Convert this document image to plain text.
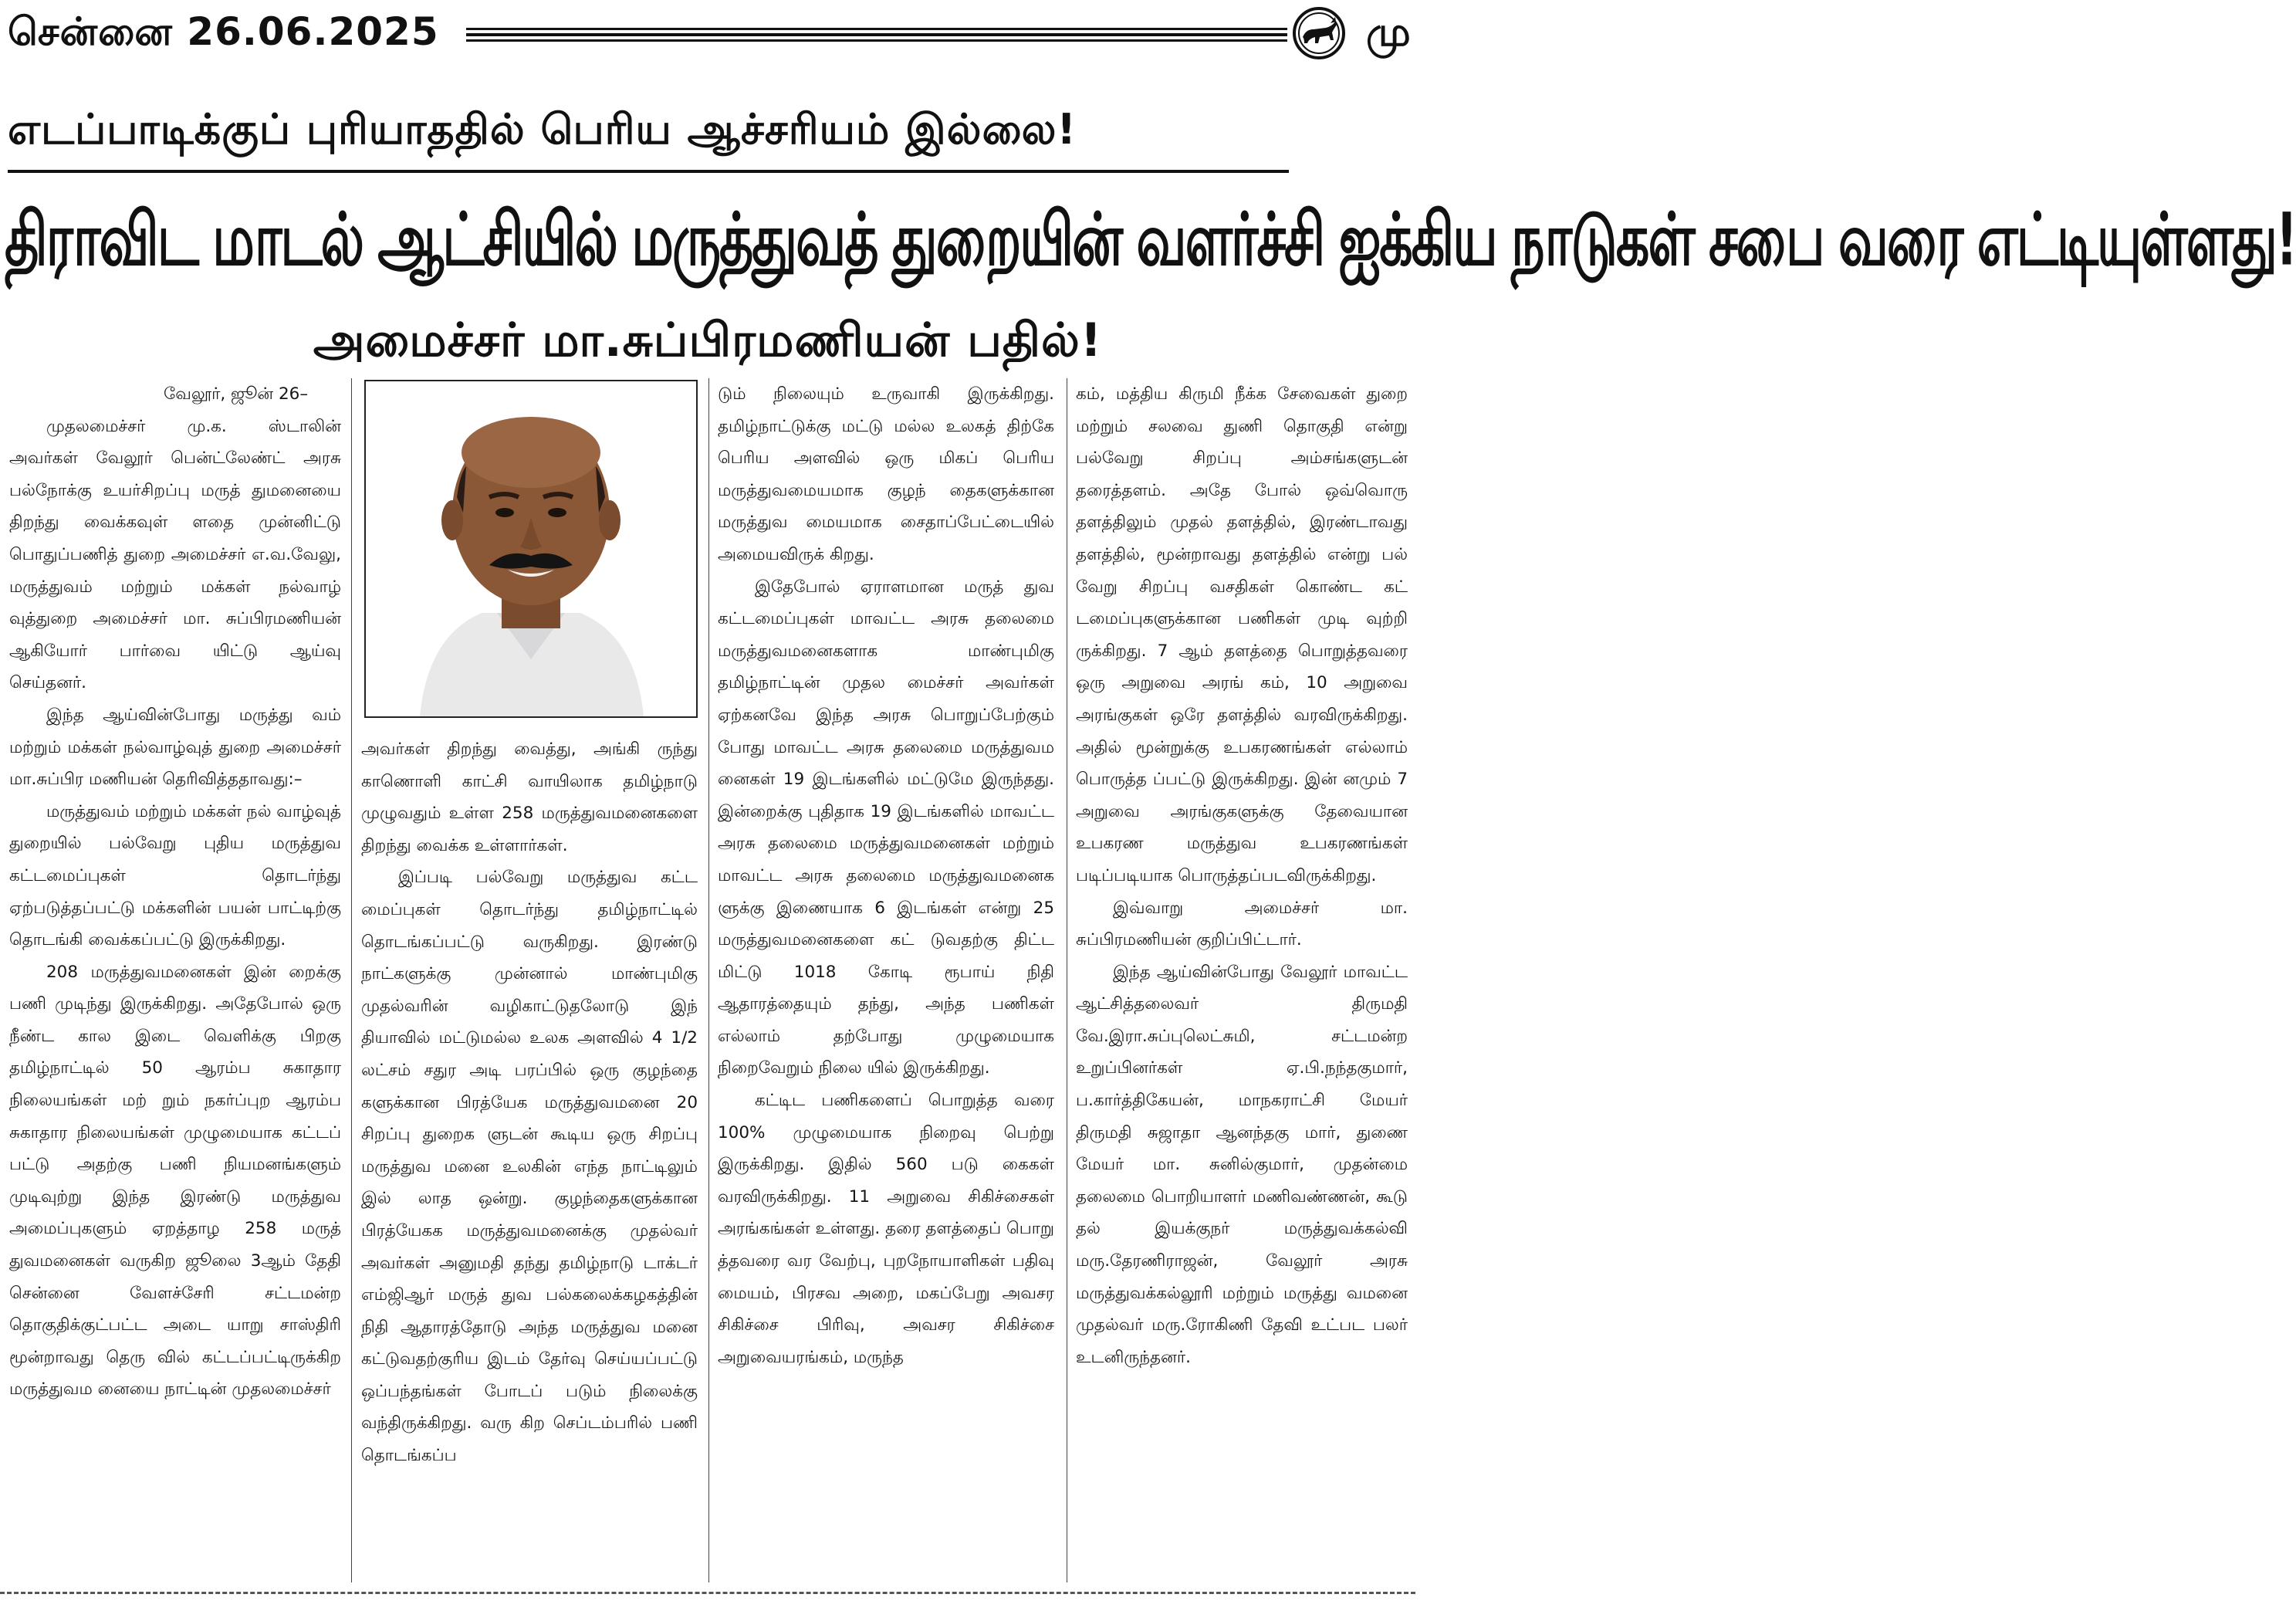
சென்னை 26.06.2025	மு
எடப்பாடிக்குப் புரியாததில் பெரிய ஆச்சரியம் இல்லை!
திராவிட மாடல் ஆட்சியில் மருத்துவத் துறையின் வளர்ச்சி ஐக்கிய நாடுகள் சபை வரை எட்டியுள்ளது!
அமைச்சர் மா.சுப்பிரமணியன் பதில்!

வேலூர், ஜூன் 26–

முதலமைச்சர் மு.க. ஸ்டாலின் அவர்கள் வேலூர் பென்ட்லேண்ட் அரசு பல்நோக்கு உயர்சிறப்பு மருத் துமனையை திறந்து வைக்கவுள் ளதை முன்னிட்டு பொதுப்பணித் துறை அமைச்சர் எ.வ.வேலு, மருத்துவம் மற்றும் மக்கள் நல்வாழ் வுத்துறை அமைச்சர் மா. சுப்பிரமணியன் ஆகியோர் பார்வை யிட்டு ஆய்வு செய்தனர்.

இந்த ஆய்வின்போது மருத்து வம் மற்றும் மக்கள் நல்வாழ்வுத் துறை அமைச்சர் மா.சுப்பிர மணியன் தெரிவித்ததாவது:–

மருத்துவம் மற்றும் மக்கள் நல் வாழ்வுத் துறையில் பல்வேறு புதிய மருத்துவ கட்டமைப்புகள் தொடர்ந்து ஏற்படுத்தப்பட்டு மக்களின் பயன் பாட்டிற்கு தொடங்கி வைக்கப்பட்டு இருக்கிறது.

208 மருத்துவமனைகள் இன் றைக்கு பணி முடிந்து இருக்கிறது. அதேபோல் ஒரு நீண்ட கால இடை வெளிக்கு பிறகு தமிழ்நாட்டில் 50 ஆரம்ப சுகாதார நிலையங்கள் மற் றும் நகர்ப்புற ஆரம்ப சுகாதார நிலையங்கள் முழுமையாக கட்டப் பட்டு அதற்கு பணி நியமனங்களும் முடிவுற்று இந்த இரண்டு மருத்துவ அமைப்புகளும் ஏறத்தாழ 258 மருத் துவமனைகள் வருகிற ஜூலை 3ஆம் தேதி சென்னை வேளச்சேரி சட்டமன்ற தொகுதிக்குட்பட்ட அடை யாறு சாஸ்திரி மூன்றாவது தெரு வில் கட்டப்பட்டிருக்கிற மருத்துவம னையை நாட்டின் முதலமைச்சர்

அவர்கள் திறந்து வைத்து, அங்கி ருந்து காணொளி காட்சி வாயிலாக தமிழ்நாடு முழுவதும் உள்ள 258 மருத்துவமனைகளை திறந்து வைக்க உள்ளார்கள்.

இப்படி பல்வேறு மருத்துவ கட்ட மைப்புகள் தொடர்ந்து தமிழ்நாட்டில் தொடங்கப்பட்டு வருகிறது. இரண்டு நாட்களுக்கு முன்னால் மாண்புமிகு முதல்வரின் வழிகாட்டுதலோடு இந் தியாவில் மட்டுமல்ல உலக அளவில் 4 1/2 லட்சம் சதுர அடி பரப்பில் ஒரு குழந்தை களுக்கான பிரத்யேக மருத்துவமனை 20 சிறப்பு துறைக ளுடன் கூடிய ஒரு சிறப்பு மருத்துவ மனை உலகின் எந்த நாட்டிலும் இல் லாத ஒன்று. குழந்தைகளுக்கான பிரத்யேகக மருத்துவமனைக்கு முதல்வர் அவர்கள் அனுமதி தந்து தமிழ்நாடு டாக்டர் எம்ஜிஆர் மருத் துவ பல்கலைக்கழகத்தின் நிதி ஆதாரத்தோடு அந்த மருத்துவ மனை கட்டுவதற்குரிய இடம் தேர்வு செய்யப்பட்டு ஒப்பந்தங்கள் போடப் படும் நிலைக்கு வந்திருக்கிறது. வரு கிற செப்டம்பரில் பணி தொடங்கப்ப

டும் நிலையும் உருவாகி இருக்கிறது. தமிழ்நாட்டுக்கு மட்டு மல்ல உலகத் திற்கே பெரிய அளவில் ஒரு மிகப் பெரிய மருத்துவமையமாக குழந் தைகளுக்கான மருத்துவ மையமாக சைதாப்பேட்டையில் அமையவிருக் கிறது.

இதேபோல் ஏராளமான மருத் துவ கட்டமைப்புகள் மாவட்ட அரசு தலைமை மருத்துவமனைகளாக மாண்புமிகு தமிழ்நாட்டின் முதல மைச்சர் அவர்கள் ஏற்கனவே இந்த அரசு பொறுப்பேற்கும் போது மாவட்ட அரசு தலைமை மருத்துவம னைகள் 19 இடங்களில் மட்டுமே இருந்தது. இன்றைக்கு புதிதாக 19 இடங்களில் மாவட்ட அரசு தலைமை மருத்துவமனைகள் மற்றும் மாவட்ட அரசு தலைமை மருத்துவமனைக ளுக்கு இணையாக 6 இடங்கள் என்று 25 மருத்துவமனைகளை கட் டுவதற்கு திட்ட மிட்டு 1018 கோடி ரூபாய் நிதி ஆதாரத்தையும் தந்து, அந்த பணிகள் எல்லாம் தற்போது முழுமையாக நிறைவேறும் நிலை யில் இருக்கிறது.

கட்டிட பணிகளைப் பொறுத்த வரை 100% முழுமையாக நிறைவு பெற்று இருக்கிறது. இதில் 560 படு கைகள் வரவிருக்கிறது. 11 அறுவை சிகிச்சைகள் அரங்கங்கள் உள்ளது. தரை தளத்தைப் பொறு த்தவரை வர வேற்பு, புறநோயாளிகள் பதிவு மையம், பிரசவ அறை, மகப்பேறு அவசர சிகிச்சை பிரிவு, அவசர சிகிச்சை அறுவையரங்கம், மருந்த

கம், மத்திய கிருமி நீக்க சேவைகள் துறை மற்றும் சலவை துணி தொகுதி என்று பல்வேறு சிறப்பு அம்சங்களுடன் தரைத்தளம். அதே போல் ஒவ்வொரு தளத்திலும் முதல் தளத்தில், இரண்டாவது தளத்தில், மூன்றாவது தளத்தில் என்று பல் வேறு சிறப்பு வசதிகள் கொண்ட கட் டமைப்புகளுக்கான பணிகள் முடி வுற்றி ருக்கிறது. 7 ஆம் தளத்தை பொறுத்தவரை ஒரு அறுவை அரங் கம், 10 அறுவை அரங்குகள் ஒரே தளத்தில் வரவிருக்கிறது. அதில் மூன்றுக்கு உபகரணங்கள் எல்லாம் பொருத்த ப்பட்டு இருக்கிறது. இன் னமும் 7 அறுவை அரங்குகளுக்கு தேவையான உபகரண மருத்துவ உபகரணங்கள் படிப்படியாக பொருத்தப்படவிருக்கிறது.

இவ்வாறு அமைச்சர் மா. சுப்பிரமணியன் குறிப்பிட்டார்.

இந்த ஆய்வின்போது வேலூர் மாவட்ட ஆட்சித்தலைவர் திருமதி வே.இரா.சுப்புலெட்சுமி, சட்டமன்ற உறுப்பினர்கள் ஏ.பி.நந்தகுமார், ப.கார்த்திகேயன், மாநகராட்சி மேயர் திருமதி சுஜாதா ஆனந்தகு மார், துணை மேயர் மா. சுனில்குமார், முதன்மை தலைமை பொறியாளர் மணிவண்ணன், கூடு தல் இயக்குநர் மருத்துவக்கல்வி மரு.தேரணிராஜன், வேலூர் அரசு மருத்துவக்கல்லூரி மற்றும் மருத்து வமனை முதல்வர் மரு.ரோகிணி தேவி உட்பட பலர் உடனிருந்தனர்.
